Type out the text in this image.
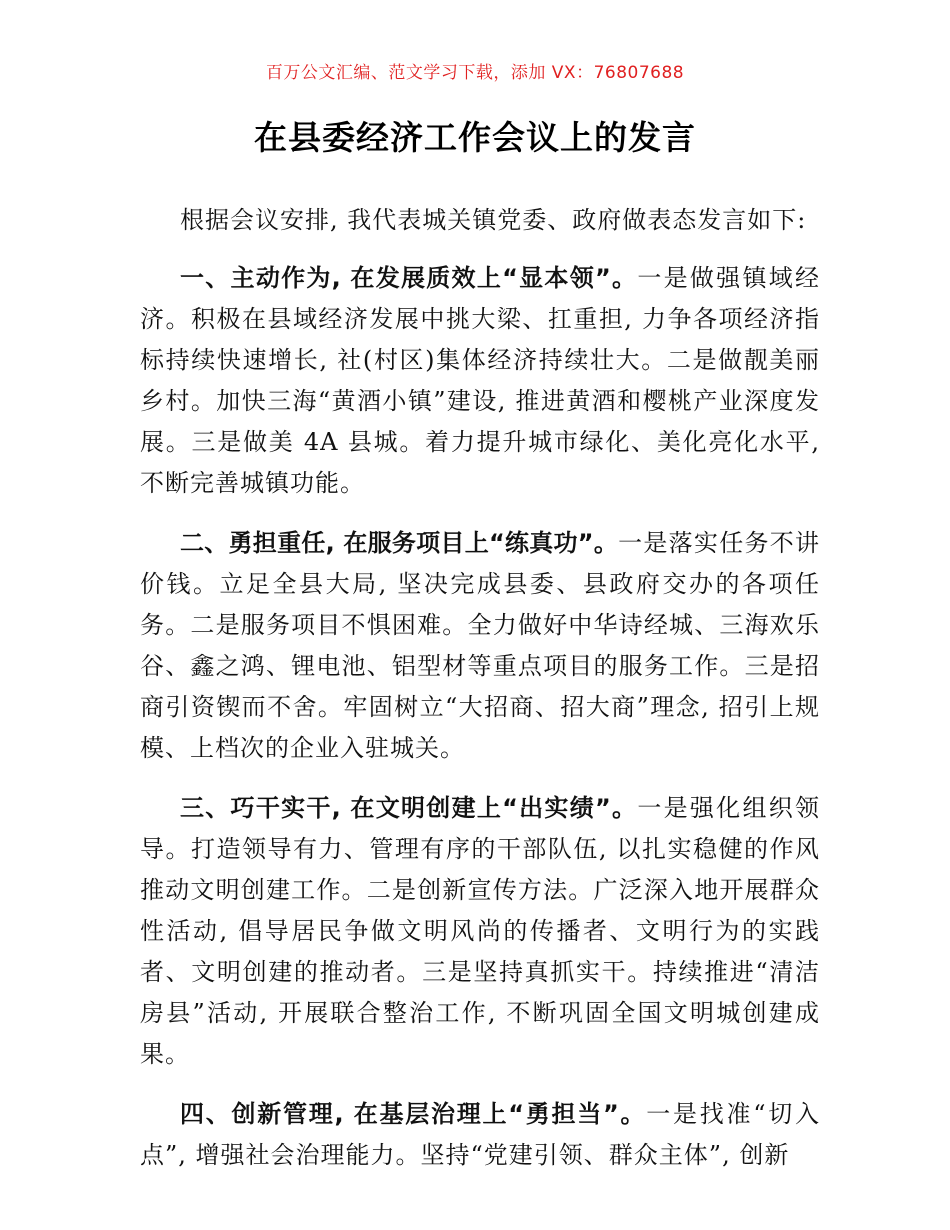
百万公文汇编、范文学习下载，添加 VX：76807688
在县委经济工作会议上的发言

根据会议安排, 我代表城关镇党委、政府做表态发言如下:

一、主动作为, 在发展质效上“显本领”。一是做强镇域经济。积极在县域经济发展中挑大梁、扛重担, 力争各项经济指标持续快速增长, 社(村区)集体经济持续壮大。二是做靓美丽乡村。加快三海“黄酒小镇”建设, 推进黄酒和樱桃产业深度发展。三是做美 4A 县城。着力提升城市绿化、美化亮化水平, 不断完善城镇功能。

二、勇担重任, 在服务项目上“练真功”。一是落实任务不讲价钱。立足全县大局, 坚决完成县委、县政府交办的各项任务。二是服务项目不惧困难。全力做好中华诗经城、三海欢乐谷、鑫之鸿、锂电池、铝型材等重点项目的服务工作。三是招商引资锲而不舍。牢固树立“大招商、招大商”理念, 招引上规模、上档次的企业入驻城关。

三、巧干实干, 在文明创建上“出实绩”。一是强化组织领导。打造领导有力、管理有序的干部队伍, 以扎实稳健的作风推动文明创建工作。二是创新宣传方法。广泛深入地开展群众性活动, 倡导居民争做文明风尚的传播者、文明行为的实践者、文明创建的推动者。三是坚持真抓实干。持续推进“清洁房县”活动, 开展联合整治工作, 不断巩固全国文明城创建成果。

四、创新管理, 在基层治理上“勇担当”。一是找准“切入点”, 增强社会治理能力。坚持“党建引领、群众主体”, 创新
